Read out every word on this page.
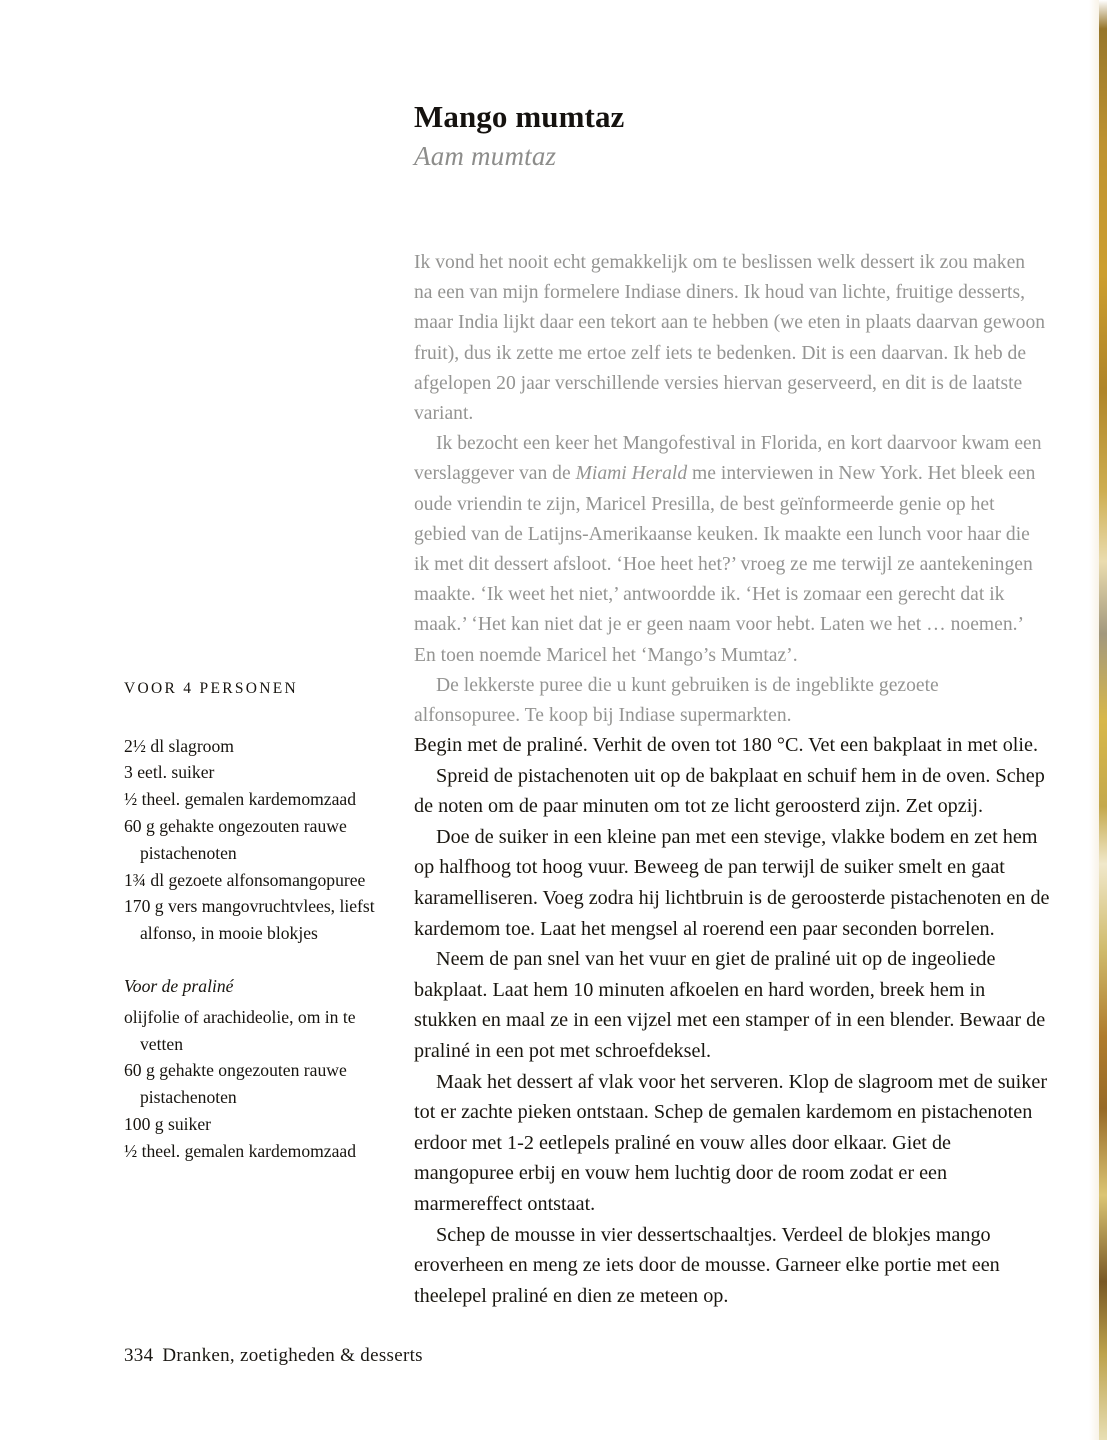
Mango mumtaz
Aam mumtaz

Ik vond het nooit echt gemakkelijk om te beslissen welk dessert ik zou maken na een van mijn formelere Indiase diners. Ik houd van lichte, fruitige desserts, maar India lijkt daar een tekort aan te hebben (we eten in plaats daarvan gewoon fruit), dus ik zette me ertoe zelf iets te bedenken. Dit is een daarvan. Ik heb de afgelopen 20 jaar verschillende versies hiervan geserveerd, en dit is de laatste variant.

Ik bezocht een keer het Mangofestival in Florida, en kort daarvoor kwam een verslaggever van de Miami Herald me interviewen in New York. Het bleek een oude vriendin te zijn, Maricel Presilla, de best geïnformeerde genie op het gebied van de Latijns-Amerikaanse keuken. Ik maakte een lunch voor haar die ik met dit dessert afsloot. ‘Hoe heet het?’ vroeg ze me terwijl ze aantekeningen maakte. ‘Ik weet het niet,’ antwoordde ik. ‘Het is zomaar een gerecht dat ik maak.’ ‘Het kan niet dat je er geen naam voor hebt. Laten we het … noemen.’ En toen noemde Maricel het ‘Mango’s Mumtaz’.

De lekkerste puree die u kunt gebruiken is de ingeblikte gezoete alfonsopuree. Te koop bij Indiase supermarkten.

VOOR 4 PERSONEN
2½ dl slagroom
3 eetl. suiker
½ theel. gemalen kardemomzaad
60 g gehakte ongezouten rauwe pistachenoten
1¾ dl gezoete alfonsomangopuree
170 g vers mangovruchtvlees, liefst alfonso, in mooie blokjes
Voor de praliné
olijfolie of arachideolie, om in te vetten
60 g gehakte ongezouten rauwe pistachenoten
100 g suiker
½ theel. gemalen kardemomzaad

Begin met de praliné. Verhit de oven tot 180 °C. Vet een bakplaat in met olie.

Spreid de pistachenoten uit op de bakplaat en schuif hem in de oven. Schep de noten om de paar minuten om tot ze licht geroosterd zijn. Zet opzij.

Doe de suiker in een kleine pan met een stevige, vlakke bodem en zet hem op halfhoog tot hoog vuur. Beweeg de pan terwijl de suiker smelt en gaat karamelliseren. Voeg zodra hij lichtbruin is de geroosterde pistachenoten en de kardemom toe. Laat het mengsel al roerend een paar seconden borrelen.

Neem de pan snel van het vuur en giet de praliné uit op de ingeoliede bakplaat. Laat hem 10 minuten afkoelen en hard worden, breek hem in stukken en maal ze in een vijzel met een stamper of in een blender. Bewaar de praliné in een pot met schroefdeksel.

Maak het dessert af vlak voor het serveren. Klop de slagroom met de suiker tot er zachte pieken ontstaan. Schep de gemalen kardemom en pistachenoten erdoor met 1-2 eetlepels praliné en vouw alles door elkaar. Giet de mangopuree erbij en vouw hem luchtig door de room zodat er een marmereffect ontstaat.

Schep de mousse in vier dessertschaaltjes. Verdeel de blokjes mango eroverheen en meng ze iets door de mousse. Garneer elke portie met een theelepel praliné en dien ze meteen op.

334 Dranken, zoetigheden & desserts
